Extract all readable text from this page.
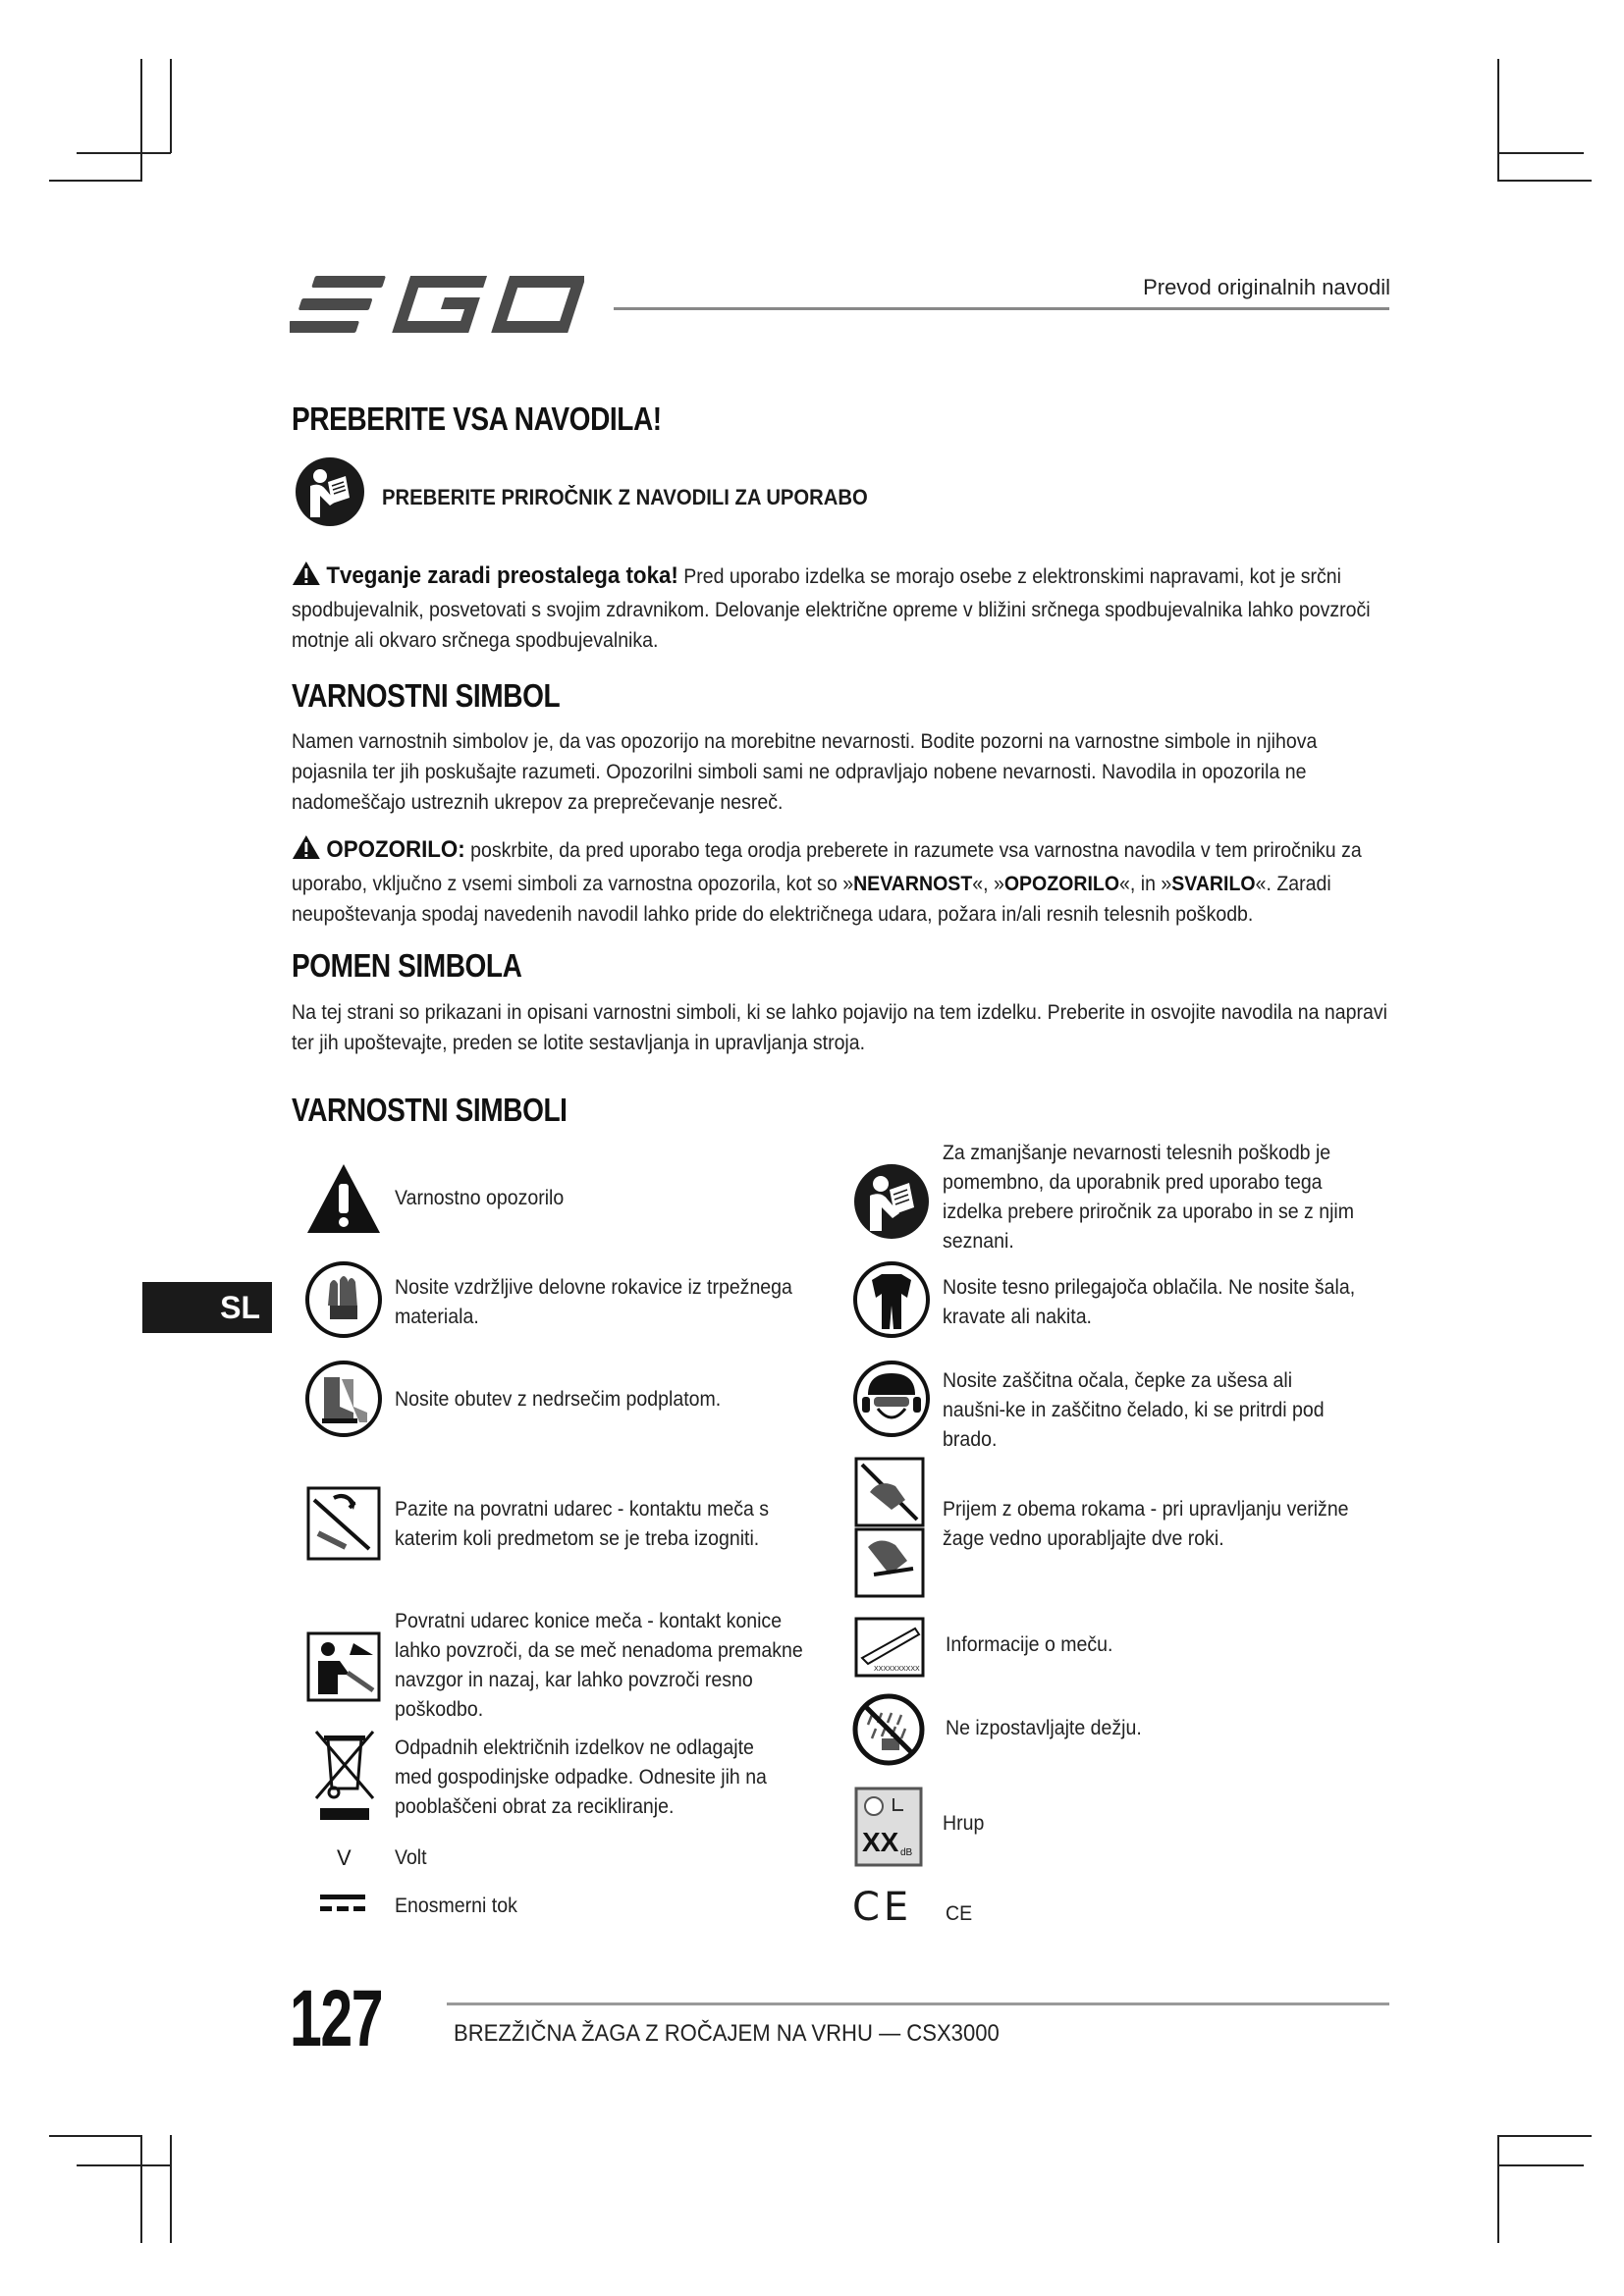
Prevod originalnih navodil
PREBERITE VSA NAVODILA!
PREBERITE PRIROČNIK Z NAVODILI ZA UPORABO

Tveganje zaradi preostalega toka! Pred uporabo izdelka se morajo osebe z elektronskimi napravami, kot je srčni spodbujevalnik, posvetovati s svojim zdravnikom. Delovanje električne opreme v bližini srčnega spodbujevalnika lahko povzroči motnje ali okvaro srčnega spodbujevalnika.

VARNOSTNI SIMBOL

Namen varnostnih simbolov je, da vas opozorijo na morebitne nevarnosti. Bodite pozorni na varnostne simbole in njihova pojasnila ter jih poskušajte razumeti. Opozorilni simboli sami ne odpravljajo nobene nevarnosti. Navodila in opozorila ne nadomeščajo ustreznih ukrepov za preprečevanje nesreč.

OPOZORILO: poskrbite, da pred uporabo tega orodja preberete in razumete vsa varnostna navodila v tem priročniku za uporabo, vključno z vsemi simboli za varnostna opozorila, kot so »NEVARNOST«, »OPOZORILO«, in »SVARILO«. Zaradi neupoštevanja spodaj navedenih navodil lahko pride do električnega udara, požara in/ali resnih telesnih poškodb.

POMEN SIMBOLA

Na tej strani so prikazani in opisani varnostni simboli, ki se lahko pojavijo na tem izdelku. Preberite in osvojite navodila na napravi ter jih upoštevajte, preden se lotite sestavljanja in upravljanja stroja.

VARNOSTNI SIMBOLI
Varnostno opozorilo
Nosite vzdržljive delovne rokavice iz trpežnega materiala.
Nosite obutev z nedrsečim podplatom.
Pazite na povratni udarec - kontaktu meča s katerim koli predmetom se je treba izogniti.
Povratni udarec konice meča - kontakt konice lahko povzroči, da se meč nenadoma premakne navzgor in nazaj, kar lahko povzroči resno poškodbo.
Odpadnih električnih izdelkov ne odlagajte med gospodinjske odpadke. Odnesite jih na pooblaščeni obrat za recikliranje.
V Volt
Enosmerni tok
Za zmanjšanje nevarnosti telesnih poškodb je pomembno, da uporabnik pred uporabo tega izdelka prebere priročnik za uporabo in se z njim seznani.
Nosite tesno prilegajoča oblačila. Ne nosite šala, kravate ali nakita.
Nosite zaščitna očala, čepke za ušesa ali naušni-ke in zaščitno čelado, ki se pritrdi pod brado.
Prijem z obema rokama - pri upravljanju verižne žage vedno uporabljajte dve roki.
XXXXXXXXXX
Informacije o meču.
Ne izpostavljajte dežju.
XX dB
Hrup
CE CE
SL
127	BREZŽIČNA ŽAGA Z ROČAJEM NA VRHU — CSX3000
